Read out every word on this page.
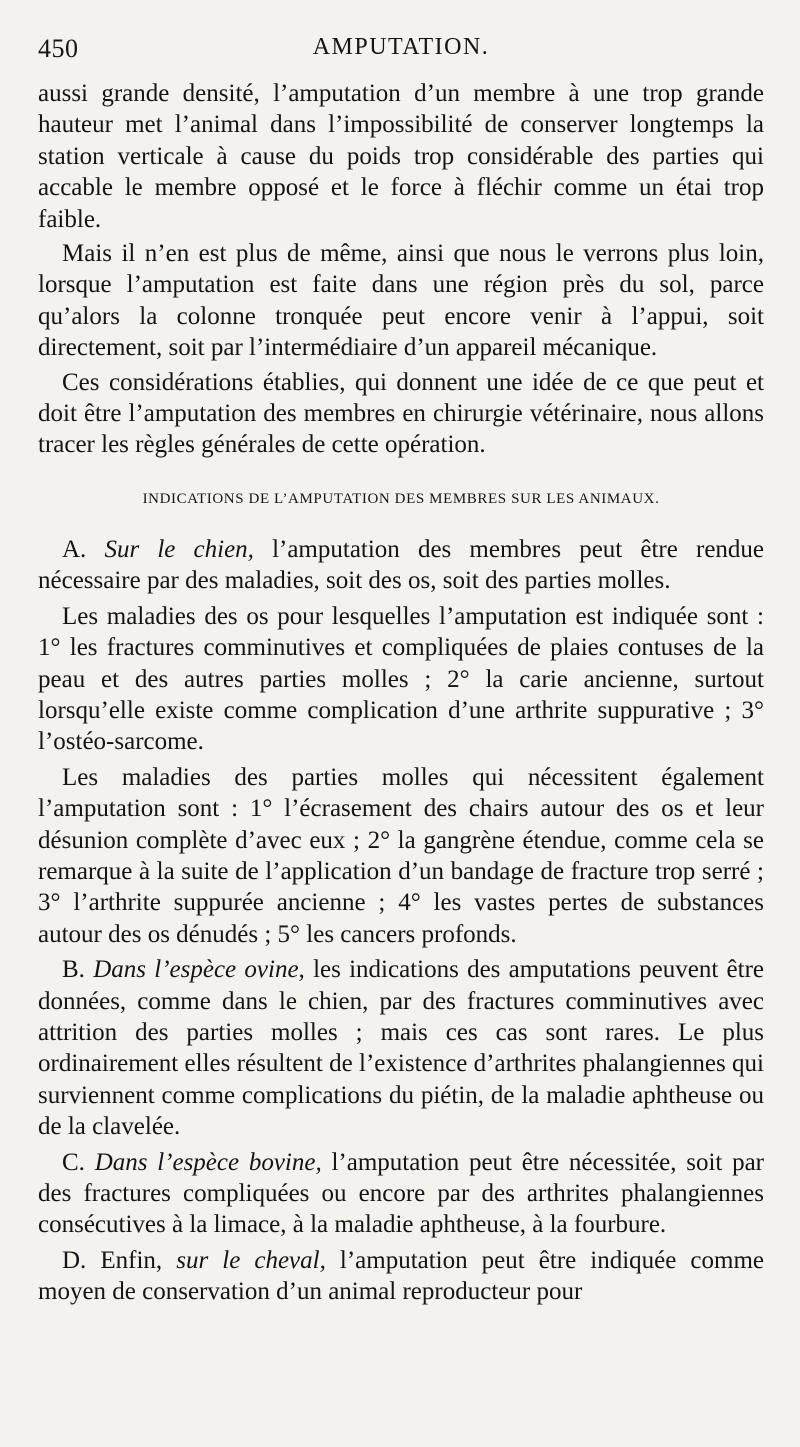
450	AMPUTATION.

aussi grande densité, l’amputation d’un membre à une trop grande hauteur met l’animal dans l’impossibilité de conserver longtemps la station verticale à cause du poids trop considérable des parties qui accable le membre opposé et le force à fléchir comme un étai trop faible.

Mais il n’en est plus de même, ainsi que nous le verrons plus loin, lorsque l’amputation est faite dans une région près du sol, parce qu’alors la colonne tronquée peut encore venir à l’appui, soit directement, soit par l’intermédiaire d’un appareil mécanique.

Ces considérations établies, qui donnent une idée de ce que peut et doit être l’amputation des membres en chirurgie vétérinaire, nous allons tracer les règles générales de cette opération.

INDICATIONS DE L’AMPUTATION DES MEMBRES SUR LES ANIMAUX.

A. Sur le chien, l’amputation des membres peut être rendue nécessaire par des maladies, soit des os, soit des parties molles.

Les maladies des os pour lesquelles l’amputation est indiquée sont : 1° les fractures comminutives et compliquées de plaies contuses de la peau et des autres parties molles ; 2° la carie ancienne, surtout lorsqu’elle existe comme complication d’une arthrite suppurative ; 3° l’ostéo-sarcome.

Les maladies des parties molles qui nécessitent également l’amputation sont : 1° l’écrasement des chairs autour des os et leur désunion complète d’avec eux ; 2° la gangrène étendue, comme cela se remarque à la suite de l’application d’un bandage de fracture trop serré ; 3° l’arthrite suppurée ancienne ; 4° les vastes pertes de substances autour des os dénudés ; 5° les cancers profonds.

B. Dans l’espèce ovine, les indications des amputations peuvent être données, comme dans le chien, par des fractures comminutives avec attrition des parties molles ; mais ces cas sont rares. Le plus ordinairement elles résultent de l’existence d’arthrites phalangiennes qui surviennent comme complications du piétin, de la maladie aphtheuse ou de la clavelée.

C. Dans l’espèce bovine, l’amputation peut être nécessitée, soit par des fractures compliquées ou encore par des arthrites phalangiennes consécutives à la limace, à la maladie aphtheuse, à la fourbure.

D. Enfin, sur le cheval, l’amputation peut être indiquée comme moyen de conservation d’un animal reproducteur pour
